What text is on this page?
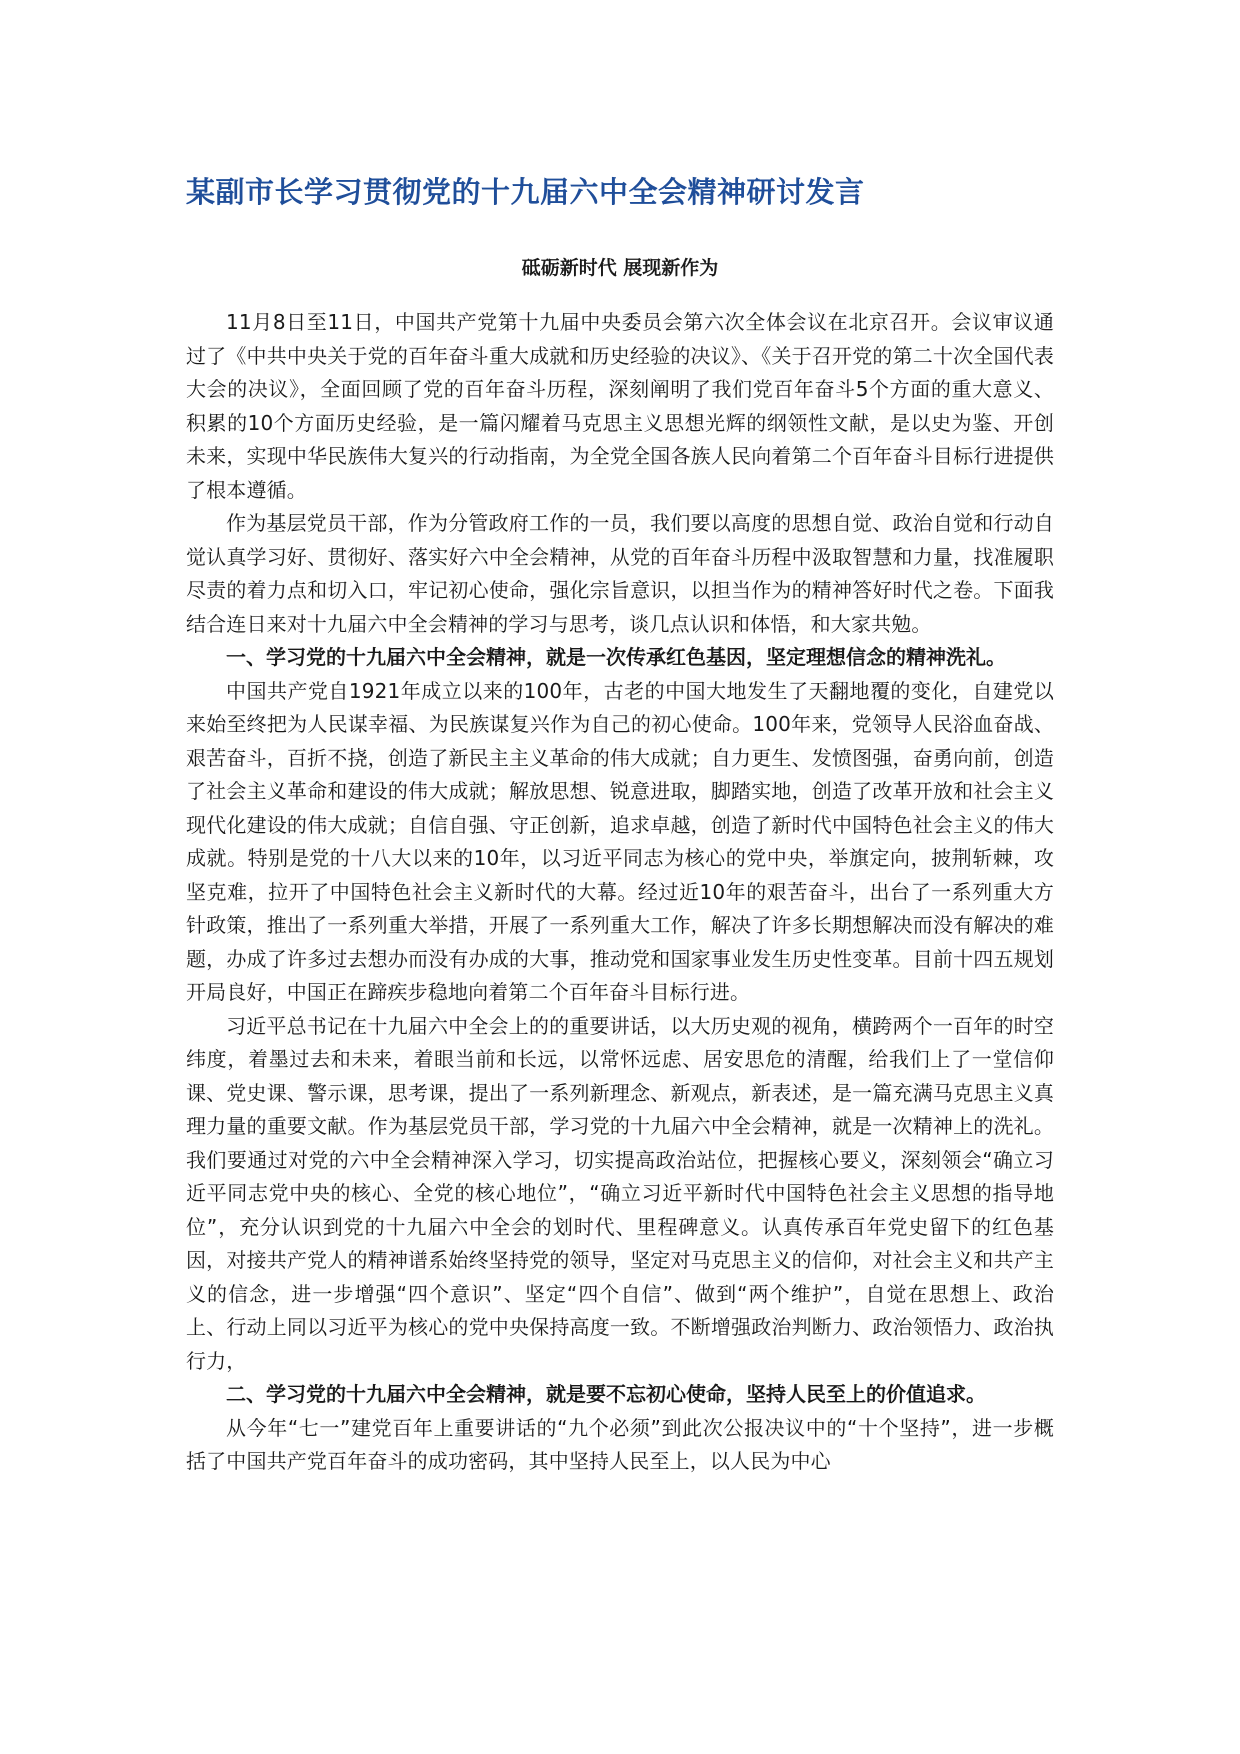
某副市长学习贯彻党的十九届六中全会精神研讨发言
砥砺新时代 展现新作为

11月8日至11日，中国共产党第十九届中央委员会第六次全体会议在北京召开。会议审议通过了《中共中央关于党的百年奋斗重大成就和历史经验的决议》、《关于召开党的第二十次全国代表大会的决议》，全面回顾了党的百年奋斗历程，深刻阐明了我们党百年奋斗5个方面的重大意义、积累的10个方面历史经验，是一篇闪耀着马克思主义思想光辉的纲领性文献，是以史为鉴、开创未来，实现中华民族伟大复兴的行动指南，为全党全国各族人民向着第二个百年奋斗目标行进提供了根本遵循。

作为基层党员干部，作为分管政府工作的一员，我们要以高度的思想自觉、政治自觉和行动自觉认真学习好、贯彻好、落实好六中全会精神，从党的百年奋斗历程中汲取智慧和力量，找准履职尽责的着力点和切入口，牢记初心使命，强化宗旨意识，以担当作为的精神答好时代之卷。下面我结合连日来对十九届六中全会精神的学习与思考，谈几点认识和体悟，和大家共勉。

一、学习党的十九届六中全会精神，就是一次传承红色基因，坚定理想信念的精神洗礼。

中国共产党自1921年成立以来的100年，古老的中国大地发生了天翻地覆的变化，自建党以来始至终把为人民谋幸福、为民族谋复兴作为自己的初心使命。100年来，党领导人民浴血奋战、艰苦奋斗，百折不挠，创造了新民主主义革命的伟大成就；自力更生、发愤图强，奋勇向前，创造了社会主义革命和建设的伟大成就；解放思想、锐意进取，脚踏实地，创造了改革开放和社会主义现代化建设的伟大成就；自信自强、守正创新，追求卓越，创造了新时代中国特色社会主义的伟大成就。特别是党的十八大以来的10年，以习近平同志为核心的党中央，举旗定向，披荆斩棘，攻坚克难，拉开了中国特色社会主义新时代的大幕。经过近10年的艰苦奋斗，出台了一系列重大方针政策，推出了一系列重大举措，开展了一系列重大工作，解决了许多长期想解决而没有解决的难题，办成了许多过去想办而没有办成的大事，推动党和国家事业发生历史性变革。目前十四五规划开局良好，中国正在蹄疾步稳地向着第二个百年奋斗目标行进。

习近平总书记在十九届六中全会上的的重要讲话，以大历史观的视角，横跨两个一百年的时空纬度，着墨过去和未来，着眼当前和长远，以常怀远虑、居安思危的清醒，给我们上了一堂信仰课、党史课、警示课，思考课，提出了一系列新理念、新观点，新表述，是一篇充满马克思主义真理力量的重要文献。作为基层党员干部，学习党的十九届六中全会精神，就是一次精神上的洗礼。我们要通过对党的六中全会精神深入学习，切实提高政治站位，把握核心要义，深刻领会“确立习近平同志党中央的核心、全党的核心地位”，“确立习近平新时代中国特色社会主义思想的指导地位”，充分认识到党的十九届六中全会的划时代、里程碑意义。认真传承百年党史留下的红色基因，对接共产党人的精神谱系始终坚持党的领导，坚定对马克思主义的信仰，对社会主义和共产主义的信念，进一步增强“四个意识”、坚定“四个自信”、做到“两个维护”，自觉在思想上、政治上、行动上同以习近平为核心的党中央保持高度一致。不断增强政治判断力、政治领悟力、政治执行力，

二、学习党的十九届六中全会精神，就是要不忘初心使命，坚持人民至上的价值追求。

从今年“七一”建党百年上重要讲话的“九个必须”到此次公报决议中的“十个坚持”，进一步概括了中国共产党百年奋斗的成功密码，其中坚持人民至上，以人民为中心
